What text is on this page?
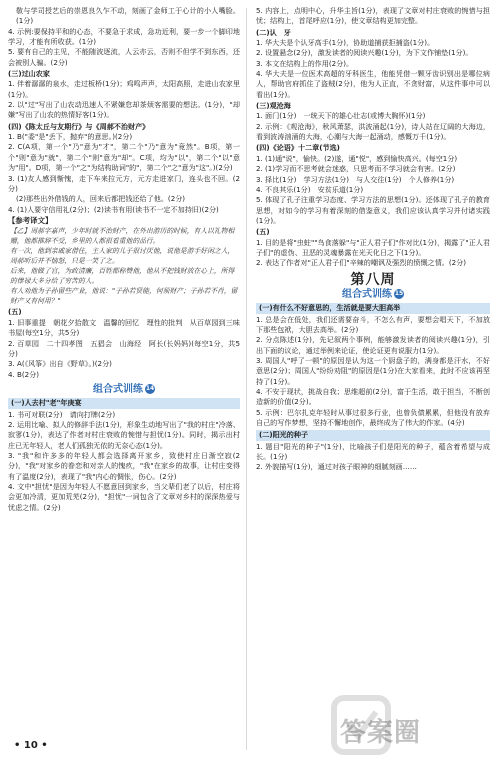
敬与学司授艺后的崇恩良久乍不动，刻画了金师工于心计的小人嘴脸。(1分)
4. 示例:要保持平和的心态，不要急于求成，急功近利，要一步一个脚印地学习，才能有所收获。(1分)
5. 要有自己的主见，不能随波逐流，人云亦云，否则不但学不到东西，还会被别人骗。(2分)
(三)过山农家
1. 伴着潺潺的泉水，走过板桥(1分)；鸡鸣声声，太阳高照，走进山农家里(1分)。
2. 以"过"写出了山农动迅速人不紧嫌怠却茶烦客需要的想法。(1分)，"却嫌"写出了山农的热情好客(1分)。
(四)《陈太丘与友期行》与《周郝不治财产》
1. B("委"是"丢下，抛弃"的意思。)(2分)
2. C(A项，第一个"乃"意为"才"，第二个"乃"意为"竟然"。B项，第一个"则"意为"就"，第二个"则"意为"却"。C项，均为"以"，第二个"以"意为"用"。D项，第一个"之"为结构助词"的"，第二个"之"意为"这"。)(2分)
3. (1)友人感到惭愧，走下车来拉元方，元方走进家门，连头也不回。(2分)
(2)那些出外借钱的人，回来后都把钱还给了他。(2分)
4. (1)人要守信用礼(2分)；(2)读书有用(读书不一定不加持旧)(2分)
【参考译文】
【乙】周郝字嘉声，少年时就不治财产，在外出游历的时候，有人以礼物相赠，他都推辞不受，乡里的人都很看重他的品行。
有一次，他到亲戚家借住，主人家的儿子很讨厌他，说他是游手好闲之人，周郝听后并不恼怒，只是一笑了之。
后来，他做了官，为政清廉，百姓都称赞他，他从不把钱财放在心上，所得的俸禄大多分给了穷苦的人。
有人劝他为子孙留些产业，他说："子孙若贤能，何须财产；子孙若不肖，留财产又有何用？"
(五)
1. 旧事重提　朝花夕拾散文　温馨的回忆　理性的批判　从百草园到三味书屋(每空1分，共5分)
2. 百草园　二十四孝图　五猖会　山海经　阿长(长妈妈)(每空1分，共5分)
3. A(《风筝》出自《野草》。)(2分)
4. B(2分)
组合式训练 14
(一)人去村"老"年庚宴
1. 书可对联(2分)　请向打牌(2分)
2. 运用比喻、拟人的修辞手法(1分)，形象生动地写出了"我的村庄"冷落、寂寥(1分)，表达了作者对村庄衰败的惋惜与担忧(1分)。同时，揭示出村庄已无年轻人，老人们孤独无依的无奈心态(1分)。
3. "我"和许多多的年轻人都会选择离开家乡，致使村庄日渐空寂(2分)，"我"对家乡的眷恋和对亲人的愧疚，"我"在家乡的故事，让村庄变得有了温度(2分)，表现了"我"内心的惆怅，伤心。(2分)
4. 文中"担忧"是因为年轻人不愿意回到家乡，当父辈们老了以后，村庄将会更加冷清，更加荒芜(2分)，"担忧"一词包含了文章对乡村的深深热爱与忧虑之情。(2分)
5. 内容上，点明中心，升华主旨(1分)，表现了文章对村庄衰败的惋惜与担忧；结构上，首尾呼应(1分)，使文章结构更加完整。
(二)认　牙
1. 华大夫是个认牙高手(1分)，协助道捕获拒捕盗(1分)。
2. 设置悬念(2分)，激发读者的阅读兴趣(1分)，为下文作铺垫(1分)。
3. 本文在结构上的作用(2分)。
4. 华大夫是一位医术高超的牙科医生，他能凭借一颗牙齿识别出是哪位病人，帮助官府抓住了盗贼(2分)，他为人正直，不贪财富，从这件事中可以看出(1分)。
(三)观沧海
1. 面门(1分)　一统天下的雄心壮志(或博大胸怀)(1分)
2. 示例：《观沧海》，秋风萧瑟，洪波涌起(1分)，诗人站在辽阔的大海边，看到波涛汹涌的大海，心潮与大海一起涌动，感慨万千(1分)。
(四)《论语》十二章(节选)
1. (1)通"说"，愉快。(2)遂，通"悦"，感到愉快高兴。(每空1分)
2. (1)学习而不思考就会迷惑，只思考而不学习就会有害。(2分)
3. 择比(1分)　学习方法(1分)　与人交往(1分)　个人修养(1分)
4. 不良其乐(1分)　安贫乐道(1分)
5. 体现了孔子注重学习态度、学习方法的思想(1分)。还体现了孔子的教育思想，对如今的学习有着深刻的借鉴意义，我们应该认真学习并付诸实践(1分)。
(五)
1. 目的是将"虫蛀""鸟食落躲"与"正人君子们"作对比(1分)，揭露了"正人君子们"的虚伪、丑恶的灵魂暴露在光天化日之下(1分)。
2. 表达了作者对"正人君子们"辛辣的嘲讽及强烈的愤慨之情。(2分)
第八周
组合式训练 15
(一)有什么不好意思的，生活就是要大胆高举
1. 总是会在低处，我们还需要奋斗，不怎么有声，要想会唱天下，不加放下那些包袱，大胆去高举。(2分)
2. 分点陈述(1分)，先记叙两个事例，能够激发读者的阅读兴趣(1分)，引出下面的议论，通过举例来论证，使论证更有说服力(1分)。
3. 周国人"呼了一顿"的原因是认为这一个厨盘子的，满身都是汗水，不好意思(2分)；周国人"纷纷劝阻"的原因是(1分)在大家看来，此时不应该再坚持了(1分)。
4. 不安于现状，挑战自我；思维超前(2分)，富于生活，敢于担当，不断创造新的价值(2分)。
5. 示例：巴尔扎克年轻时从事过很多行业，也曾负债累累，但他没有放弃自己的写作梦想，坚持不懈地创作，最终成为了伟大的作家。(4分)
(二)阳光的种子
1. 题目"阳光的种子"(1分)，比喻孩子们是阳光的种子，蕴含着希望与成长。(1分)
2. 外貌描写(1分)，通过对孩子眼神的细腻刻画……
• 10 •	答案圈
